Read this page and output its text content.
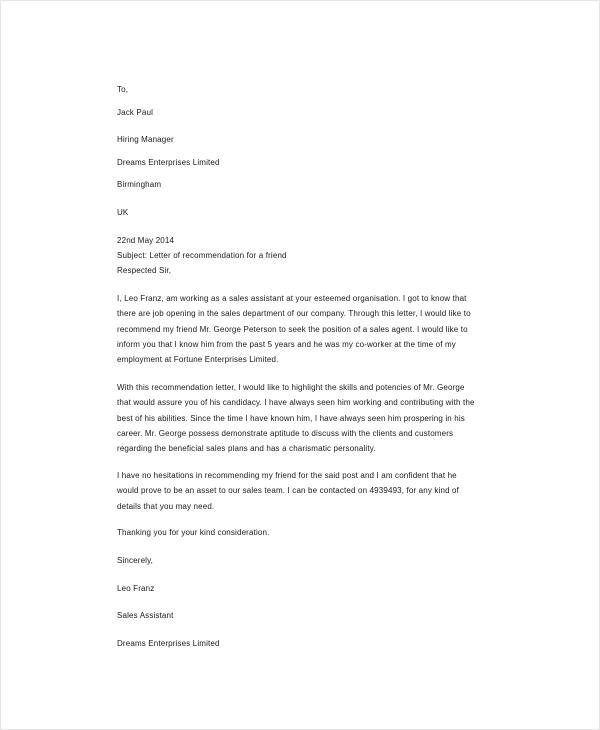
To,
Jack Paul
Hiring Manager
Dreams Enterprises Limited
Birmingham
UK
22nd May 2014
Subject: Letter of recommendation for a friend
Respected Sir,
I, Leo Franz, am working as a sales assistant at your esteemed organisation. I got to know that
there are job opening in the sales department of our company. Through this letter, I would like to
recommend my friend Mr. George Peterson to seek the position of a sales agent. I would like to
inform you that I know him from the past 5 years and he was my co-worker at the time of my
employment at Fortune Enterprises Limited.
With this recommendation letter, I would like to highlight the skills and potencies of Mr. George
that would assure you of his candidacy. I have always seen him working and contributing with the
best of his abilities. Since the time I have known him, I have always seen him prospering in his
career. Mr. George possess demonstrate aptitude to discuss with the clients and customers
regarding the beneficial sales plans and has a charismatic personality.
I have no hesitations in recommending my friend for the said post and I am confident that he
would prove to be an asset to our sales team. I can be contacted on 4939493, for any kind of
details that you may need.
Thanking you for your kind consideration.
Sincerely,
Leo Franz
Sales Assistant
Dreams Enterprises Limited
